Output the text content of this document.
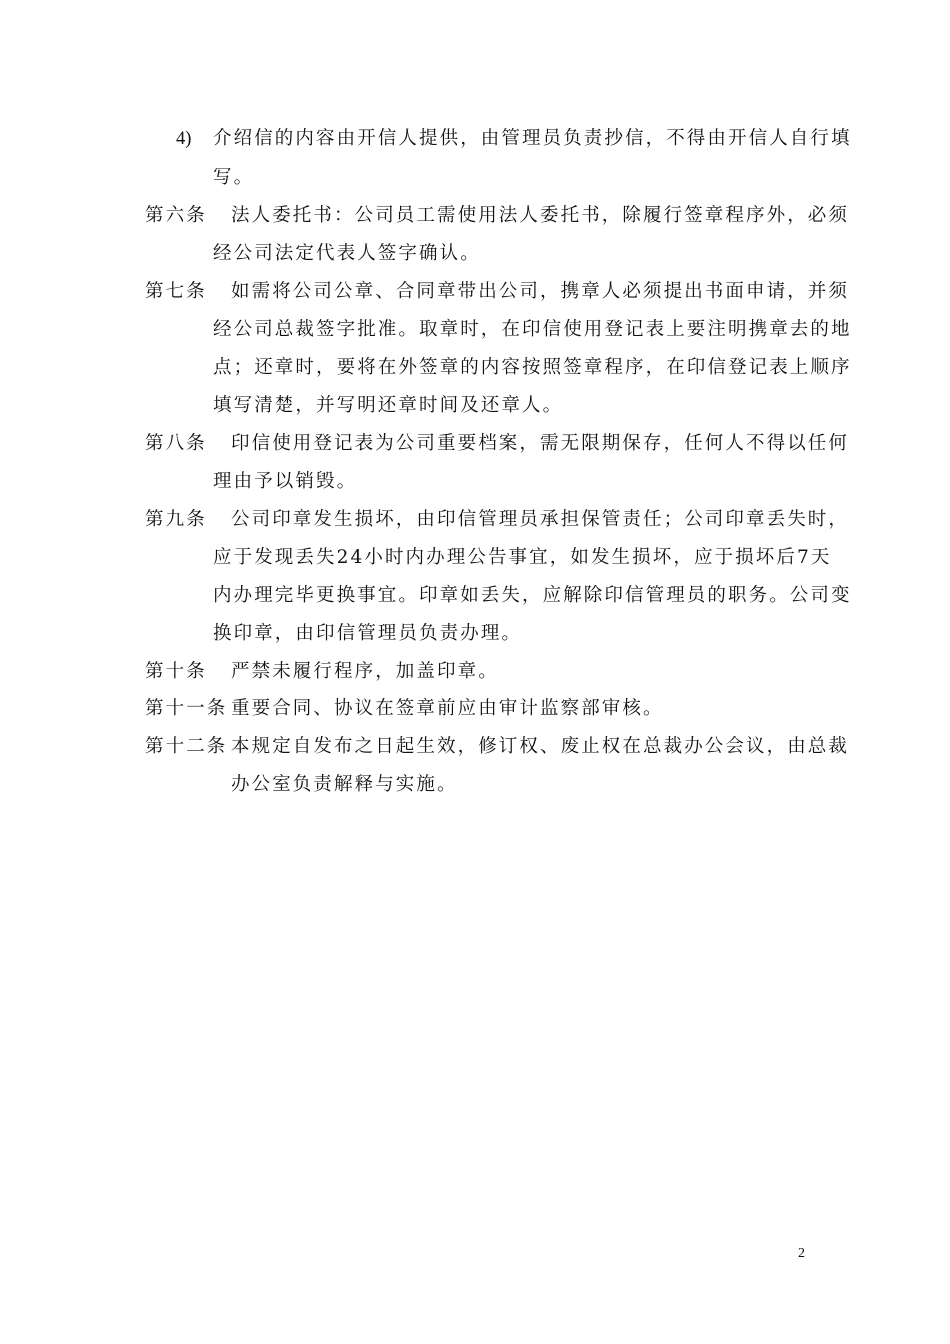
4) 介绍信的内容由开信人提供，由管理员负责抄信，不得由开信人自行填
写。
第六条 法人委托书：公司员工需使用法人委托书，除履行签章程序外，必须
经公司法定代表人签字确认。
第七条 如需将公司公章、合同章带出公司，携章人必须提出书面申请，并须
经公司总裁签字批准。取章时，在印信使用登记表上要注明携章去的地
点；还章时，要将在外签章的内容按照签章程序，在印信登记表上顺序
填写清楚，并写明还章时间及还章人。
第八条 印信使用登记表为公司重要档案，需无限期保存，任何人不得以任何
理由予以销毁。
第九条 公司印章发生损坏，由印信管理员承担保管责任；公司印章丢失时，
应于发现丢失24小时内办理公告事宜，如发生损坏，应于损坏后7天
内办理完毕更换事宜。印章如丢失，应解除印信管理员的职务。公司变
换印章，由印信管理员负责办理。
第十条 严禁未履行程序，加盖印章。
第十一条 重要合同、协议在签章前应由审计监察部审核。
第十二条 本规定自发布之日起生效，修订权、废止权在总裁办公会议，由总裁
办公室负责解释与实施。
2
